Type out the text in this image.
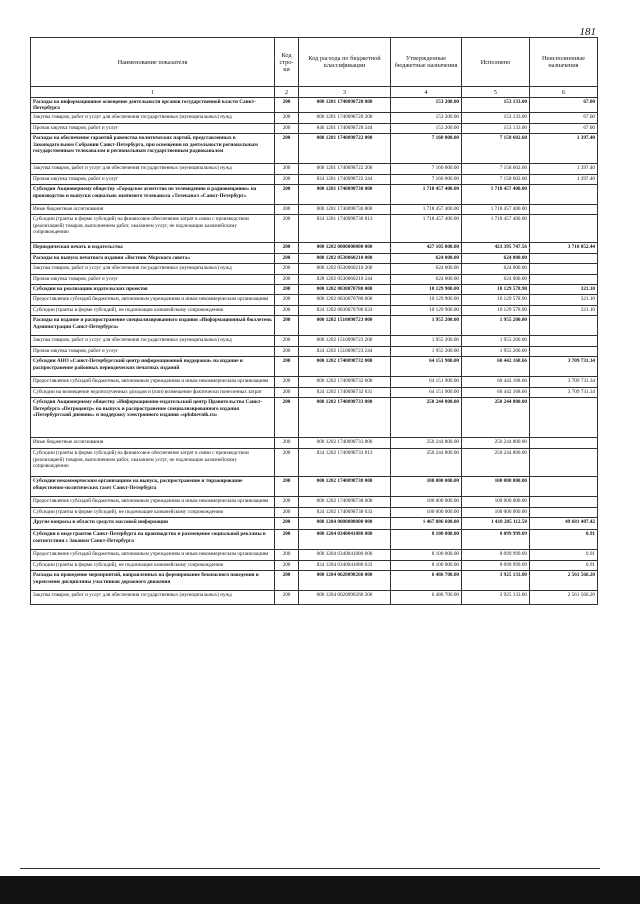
181
Наименование показателя	Код стро-ки	Код расхода по бюджетной классификации	Утвержденные бюджетные назначения	Исполнено	Неисполненные назначения
1	2	3	4	5	6
Расходы на информационное освещение деятельности органов государственной власти Санкт-Петербурга	200	000 1201 1740098720 000	153 200.00	153 133.00	67.00
Закупка товаров, работ и услуг для обеспечения государственных (муниципальных) нужд	200	000 1201 1740098720 200	153 200.00	153 133.00	67.00
Прочая закупка товаров, работ и услуг	200	846 1201 1740098720 244	153 200.00	153 133.00	67.00
Расходы на обеспечение гарантий равенства политических партий, представленных в Законодательном Собрании Санкт-Петербурга, при освещении их деятельности региональным государственным телеканалом и региональным государственным радиоканалом	200	000 1201 1740098722 000	7 160 000.00	7 158 602.60	1 397.40
Закупка товаров, работ и услуг для обеспечения государственных (муниципальных) нужд	200	000 1201 1740098722 200	7 160 000.00	7 158 602.60	1 397.40
Прочая закупка товаров, работ и услуг	200	824 1201 1740098722 244	7 160 000.00	7 158 602.60	1 397.40
Субсидия Акционерному обществу «Городское агентство по телевидению и радиовещанию» на производство и выпуски социально значимого телеканала «Телеканал «Санкт-Петербург»	200	000 1201 1740098730 000	1 718 457 400.00	1 718 457 400.00	
Иные бюджетные ассигнования	200	000 1201 1740098730 800	1 718 457 400.00	1 718 457 400.00	
Субсидии (гранты в форме субсидий) на финансовое обеспечение затрат в связи с производством (реализацией) товаров, выполнением работ, оказанием услуг, не подлежащие казначейскому сопровождению	200	824 1201 1740098730 813	1 718 457 400.00	1 718 457 400.00	
Периодическая печать и издательства	200	000 1202 0000000000 000	427 105 800.00	423 395 747.56	3 710 052.44
Расходы на выпуск печатного издания «Вестник Морского совета»	200	000 1202 0530060210 000	624 000.00	624 000.00	
Закупка товаров, работ и услуг для обеспечения государственных (муниципальных) нужд	200	000 1202 0530060210 200	624 000.00	624 000.00	
Прочая закупка товаров, работ и услуг	200	828 1202 0530060210 244	624 000.00	624 000.00	
Субсидии на реализацию издательских проектов	200	000 1202 0830070780 000	10 129 900.00	10 129 578.90	321.10
Предоставление субсидий бюджетным, автономным учреждениям и иным некоммерческим организациям	200	000 1202 0830070780 600	10 129 900.00	10 129 578.90	321.10
Субсидии (гранты в форме субсидий), не подлежащие казначейскому сопровождению	200	824 1202 0830070780 633	10 129 900.00	10 129 578.90	321.10
Расходы на издание и распространение специализированного издания «Информационный бюллетень Администрации Санкт-Петербурга»	200	000 1202 1510098723 000	1 955 200.00	1 955 200.00	
Закупка товаров, работ и услуг для обеспечения государственных (муниципальных) нужд	200	000 1202 1510098723 200	1 955 200.00	1 955 200.00	
Прочая закупка товаров, работ и услуг	200	824 1202 1510098723 244	1 955 200.00	1 955 200.00	
Субсидии АНО «Санкт-Петербургский центр информационной поддержки» на издание и распространение районных периодических печатных изданий	200	000 1202 1740098732 000	64 151 900.00	60 442 168.66	3 709 731.34
Предоставление субсидий бюджетным, автономным учреждениям и иным некоммерческим организациям	200	000 1202 1740098732 600	64 151 900.00	60 442 168.66	3 709 731.34
Субсидии на возмещение недополученных доходов и (или) возмещение фактически понесенных затрат	200	824 1202 1740098732 631	64 151 900.00	60 442 168.66	3 709 731.34
Субсидия Акционерному обществу «Информационно-издательский центр Правительства Санкт-Петербурга «Петроцентр» на выпуск и распространение специализированного издания «Петербургский дневник» и поддержку электронного издания «spbdnevnik.ru»	200	000 1202 1740098733 000	250 244 800.00	250 244 800.00	
Иные бюджетные ассигнования	200	000 1202 1740098733 800	250 244 800.00	250 244 800.00	
Субсидии (гранты в форме субсидий) на финансовое обеспечение затрат в связи с производством (реализацией) товаров, выполнением работ, оказанием услуг, не подлежащие казначейскому сопровождению	200	824 1202 1740098733 813	250 244 800.00	250 244 800.00	
Субсидии некоммерческим организациям на выпуск, распространение и тиражирование общественно-политических газет Санкт-Петербурга	200	000 1202 1740098738 000	100 000 000.00	100 000 000.00	
Предоставление субсидий бюджетным, автономным учреждениям и иным некоммерческим организациям	200	000 1202 1740098738 600	100 000 000.00	100 000 000.00	
Субсидии (гранты в форме субсидий), не подлежащие казначейскому сопровождению	200	824 1202 1740098738 633	100 000 000.00	100 000 000.00	
Другие вопросы в области средств массовой информации	200	000 1204 0000000000 000	1 467 886 600.00	1 418 205 112.58	49 681 487.42
Субсидии в виде грантов Санкт-Петербурга на производство и размещение социальной рекламы в соответствии с Законом Санкт-Петербурга	200	000 1204 0340041080 000	8 100 000.00	8 099 999.09	0.91
Предоставление субсидий бюджетным, автономным учреждениям и иным некоммерческим организациям	200	000 1204 0340041080 600	8 100 000.00	8 099 999.09	0.91
Субсидии (гранты в форме субсидий), не подлежащие казначейскому сопровождению	200	824 1204 0340041080 633	8 100 000.00	8 099 999.09	0.91
Расходы на проведение мероприятий, направленных на формирование безопасного поведения и укрепление дисциплины участников дорожного движения	200	000 1204 0620090260 000	6 486 700.00	3 925 133.80	2 561 566.20
Закупка товаров, работ и услуг для обеспечения государственных (муниципальных) нужд	200	000 1204 0620090260 200	6 486 700.00	3 925 133.80	2 561 566.20
